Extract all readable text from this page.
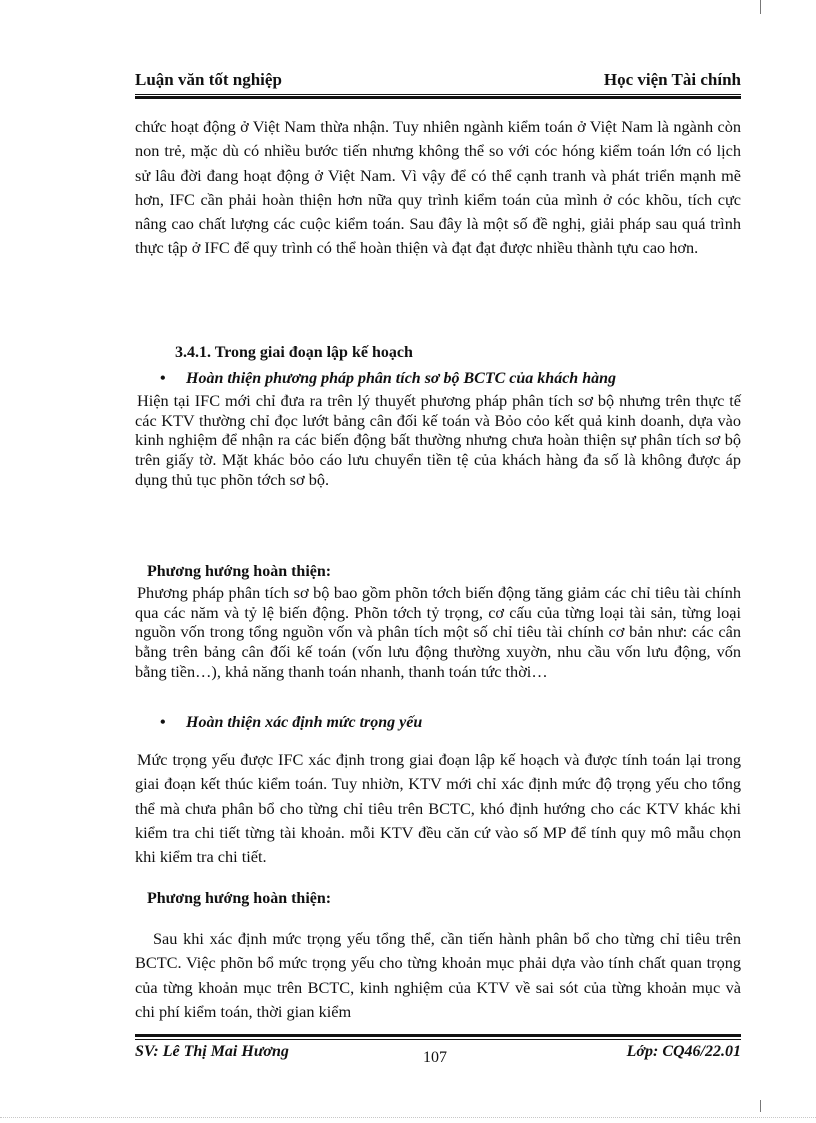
Luận văn tốt nghiệp	Học viện Tài chính
chức hoạt động ở Việt Nam thừa nhận. Tuy nhiên ngành kiểm toán ở Việt Nam là ngành còn non trẻ, mặc dù có nhiều bước tiến nhưng không thể so với cóc hóng kiểm toán lớn có lịch sử lâu đời đang hoạt động ở Việt Nam. Vì vậy để có thể cạnh tranh và phát triển mạnh mẽ hơn, IFC cần phải hoàn thiện hơn nữa quy trình kiểm toán của mình ở cóc khõu, tích cực nâng cao chất lượng các cuộc kiểm toán. Sau đây là một số đề nghị, giải pháp sau quá trình thực tập ở IFC để quy trình có thể hoàn thiện và đạt đạt được nhiều thành tựu cao hơn.
3.4.1. Trong giai đoạn lập kế hoạch
• Hoàn thiện phương pháp phân tích sơ bộ BCTC của khách hàng
Hiện tại IFC mới chỉ đưa ra trên lý thuyết phương pháp phân tích sơ bộ nhưng trên thực tế các KTV thường chỉ đọc lướt bảng cân đối kế toán và Bỏo cỏo kết quả kinh doanh, dựa vào kinh nghiệm để nhận ra các biến động bất thường nhưng chưa hoàn thiện sự phân tích sơ bộ trên giấy tờ. Mặt khác bỏo cáo lưu chuyển tiền tệ của khách hàng đa số là không được áp dụng thủ tục phõn tớch sơ bộ.
Phương hướng hoàn thiện:
Phương pháp phân tích sơ bộ bao gồm phõn tớch biến động tăng giảm các chỉ tiêu tài chính qua các năm và tỷ lệ biến động. Phõn tớch tỷ trọng, cơ cấu của từng loại tài sản, từng loại nguồn vốn trong tổng nguồn vốn và phân tích một số chỉ tiêu tài chính cơ bản như: các cân bằng trên bảng cân đối kế toán (vốn lưu động thường xuyờn, nhu cầu vốn lưu động, vốn bằng tiền…), khả năng thanh toán nhanh, thanh toán tức thời…
• Hoàn thiện xác định mức trọng yếu
Mức trọng yếu được IFC xác định trong giai đoạn lập kế hoạch và được tính toán lại trong giai đoạn kết thúc kiểm toán. Tuy nhiờn, KTV mới chỉ xác định mức độ trọng yếu cho tổng thể mà chưa phân bổ cho từng chỉ tiêu trên BCTC, khó định hướng cho các KTV khác khi kiểm tra chi tiết từng tài khoản. mỗi KTV đều căn cứ vào số MP để tính quy mô mẫu chọn khi kiểm tra chi tiết.
Phương hướng hoàn thiện:
Sau khi xác định mức trọng yếu tổng thể, cần tiến hành phân bổ cho từng chỉ tiêu trên BCTC. Việc phõn bổ mức trọng yếu cho từng khoản mục phải dựa vào tính chất quan trọng của từng khoản mục trên BCTC, kinh nghiệm của KTV về sai sót của từng khoản mục và chi phí kiểm toán, thời gian kiểm
SV: Lê Thị Mai Hương	107	Lớp: CQ46/22.01
